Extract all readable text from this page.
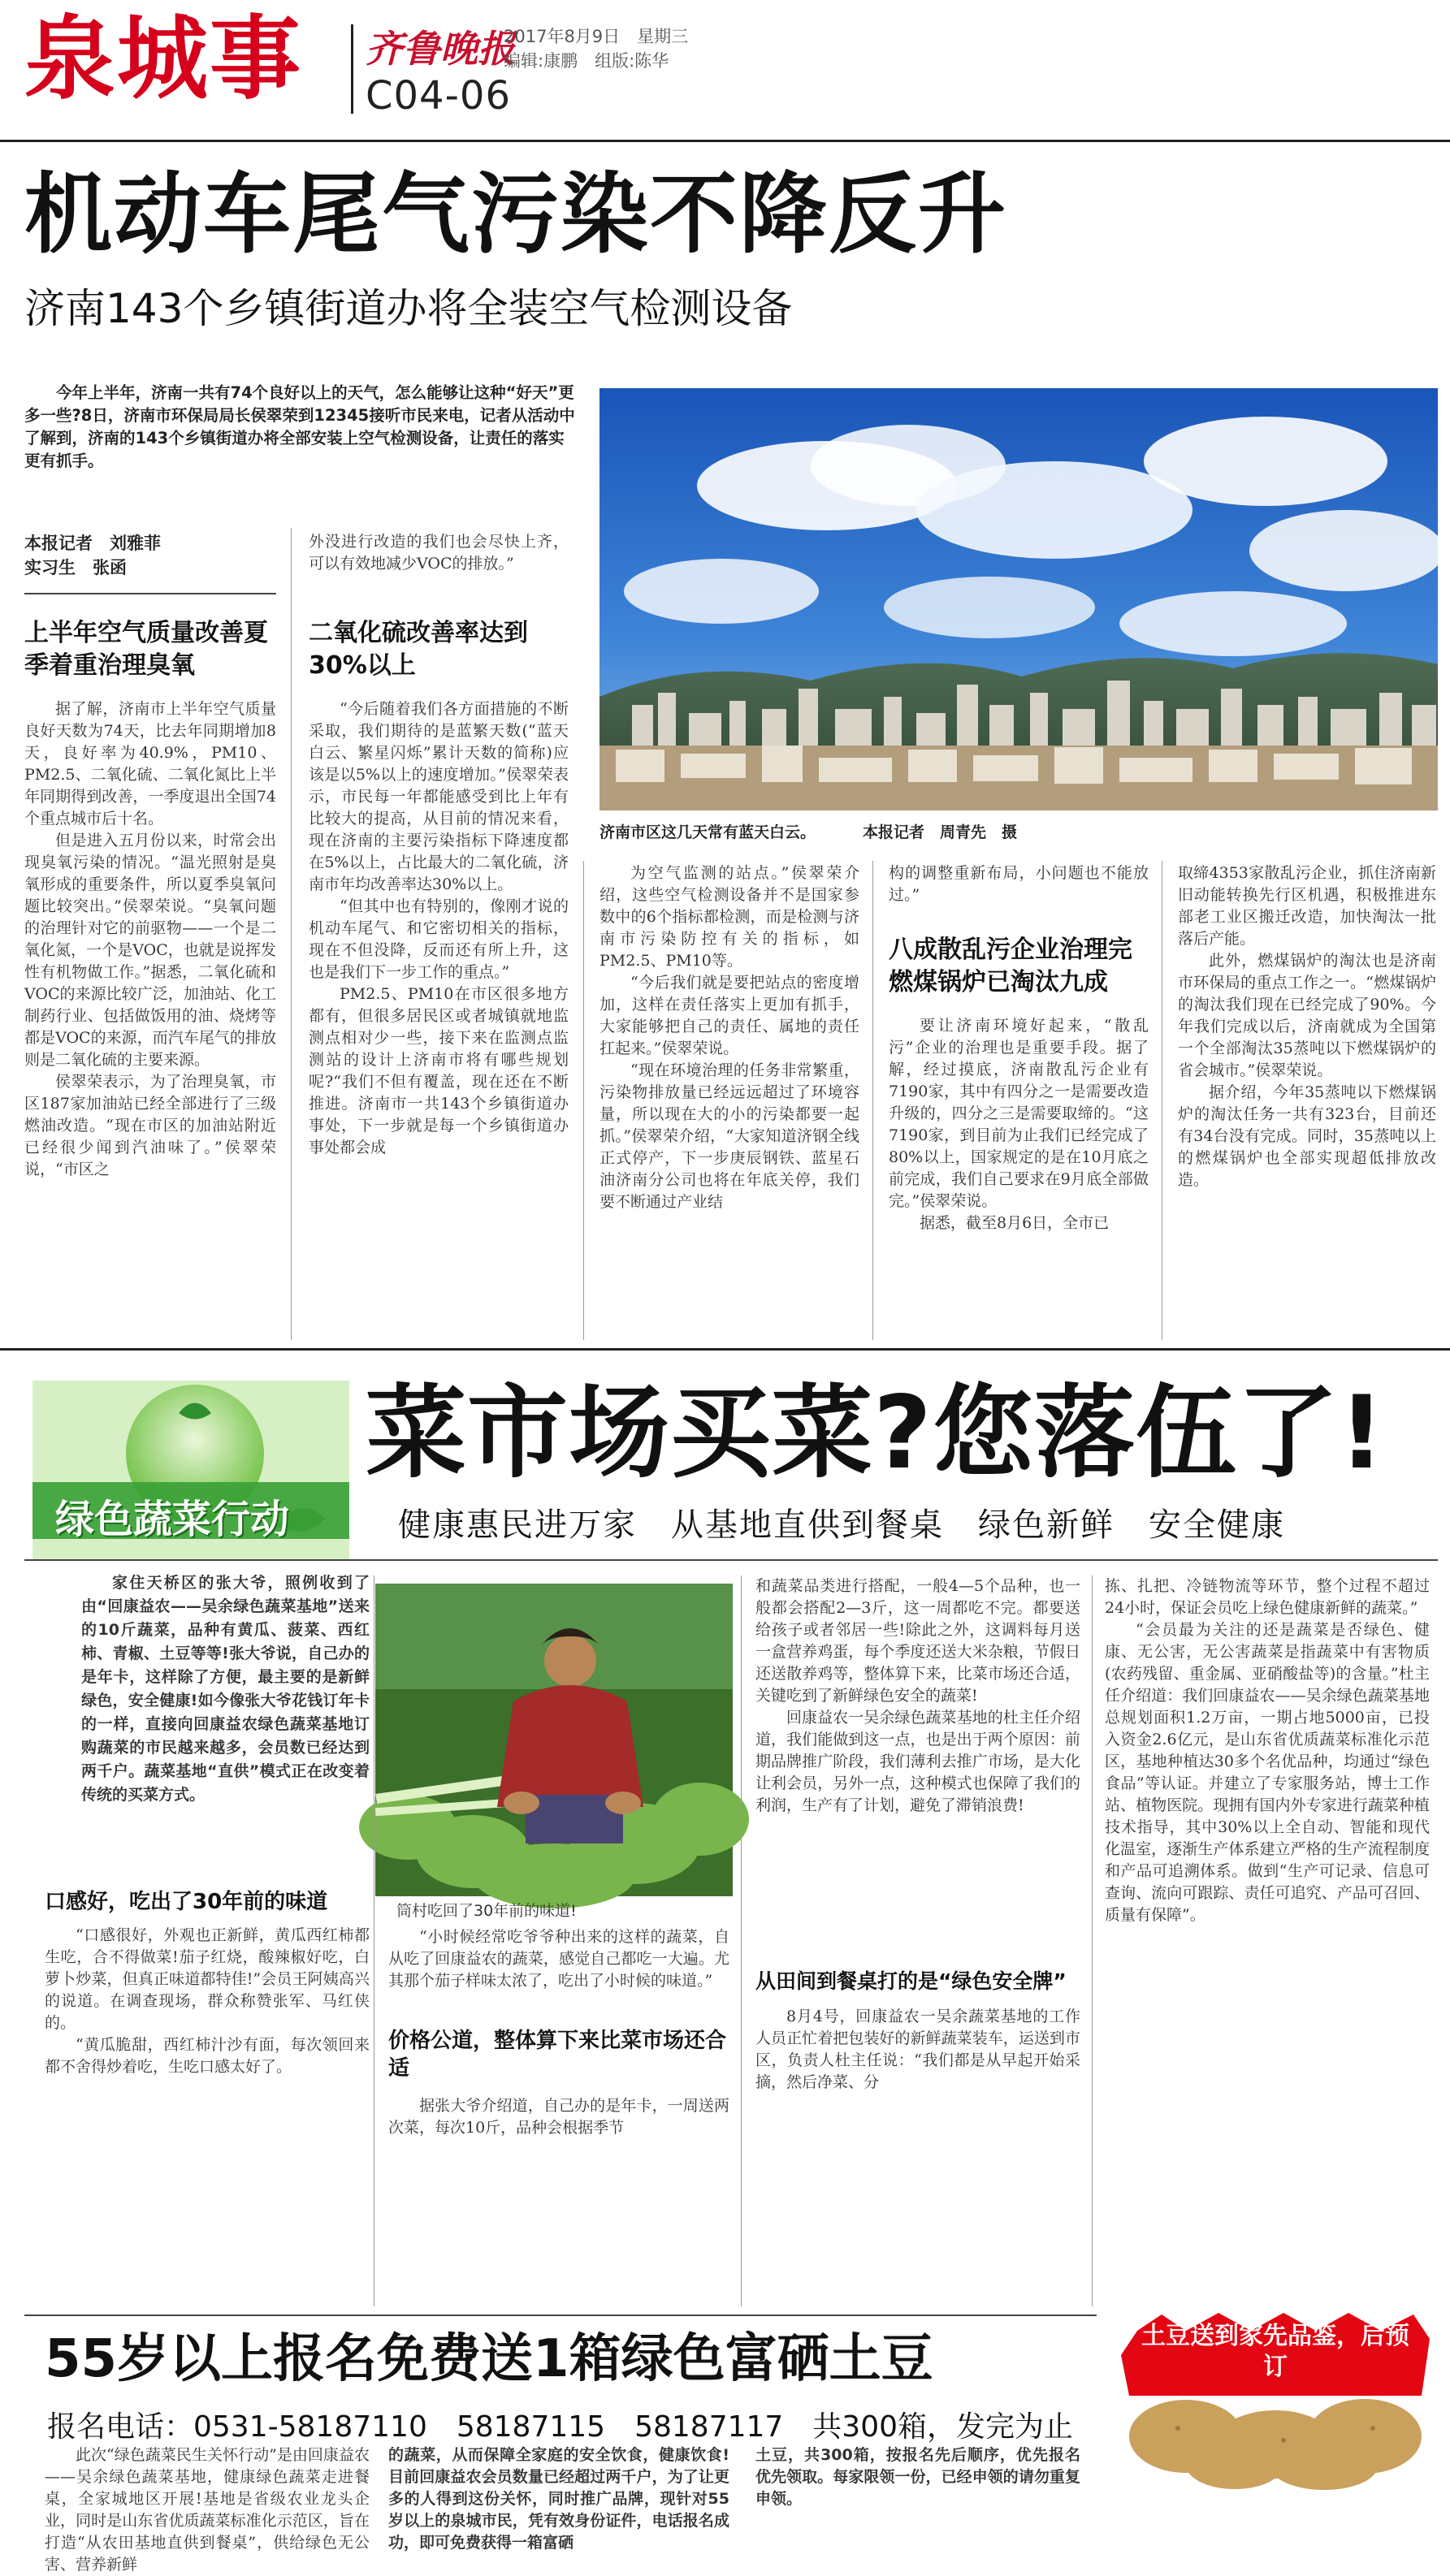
泉城事 齐鲁晚报
2017年8月9日　星期三
编辑:康鹏　组版:陈华
C04-06
机动车尾气污染不降反升
济南143个乡镇街道办将全装空气检测设备
今年上半年，济南一共有74个良好以上的天气，怎么能够让这种“好天”更多一些?8日，济南市环保局局长侯翠荣到12345接听市民来电，记者从活动中了解到，济南的143个乡镇街道办将全部安装上空气检测设备，让责任的落实更有抓手。
济南市区这几天常有蓝天白云。	本报记者　周青先　摄
本报记者　刘雅菲
实习生　张函
上半年空气质量改善夏季着重治理臭氧

据了解，济南市上半年空气质量良好天数为74天，比去年同期增加8天，良好率为40.9%，PM10、PM2.5、二氧化硫、二氧化氮比上半年同期得到改善，一季度退出全国74个重点城市后十名。

但是进入五月份以来，时常会出现臭氧污染的情况。“温光照射是臭氧形成的重要条件，所以夏季臭氧问题比较突出。”侯翠荣说。“臭氧问题的治理针对它的前驱物——一个是二氧化氮，一个是VOC，也就是说挥发性有机物做工作。”据悉，二氧化硫和VOC的来源比较广泛，加油站、化工制药行业、包括做饭用的油、烧烤等都是VOC的来源，而汽车尾气的排放则是二氧化硫的主要来源。

侯翠荣表示，为了治理臭氧，市区187家加油站已经全部进行了三级燃油改造。“现在市区的加油站附近已经很少闻到汽油味了。”侯翠荣说，“市区之

外没进行改造的我们也会尽快上齐，可以有效地减少VOC的排放。”
二氧化硫改善率达到30%以上

“今后随着我们各方面措施的不断采取，我们期待的是蓝繁天数(“蓝天白云、繁星闪烁”累计天数的简称)应该是以5%以上的速度增加。”侯翠荣表示，市民每一年都能感受到比上年有比较大的提高，从目前的情况来看，现在济南的主要污染指标下降速度都在5%以上，占比最大的二氧化硫，济南市年均改善率达30%以上。

“但其中也有特别的，像刚才说的机动车尾气、和它密切相关的指标，现在不但没降，反而还有所上升，这也是我们下一步工作的重点。”

PM2.5、PM10在市区很多地方都有，但很多居民区或者城镇就地监测点相对少一些，接下来在监测点监测站的设计上济南市将有哪些规划呢?“我们不但有覆盖，现在还在不断推进。济南市一共143个乡镇街道办事处，下一步就是每一个乡镇街道办事处都会成

为空气监测的站点。”侯翠荣介绍，这些空气检测设备并不是国家参数中的6个指标都检测，而是检测与济南市污染防控有关的指标，如PM2.5、PM10等。

“今后我们就是要把站点的密度增加，这样在责任落实上更加有抓手，大家能够把自己的责任、属地的责任扛起来。”侯翠荣说。

“现在环境治理的任务非常繁重，污染物排放量已经远远超过了环境容量，所以现在大的小的污染都要一起抓。”侯翠荣介绍，“大家知道济钢全线正式停产，下一步庚辰钢铁、蓝星石油济南分公司也将在年底关停，我们要不断通过产业结

构的调整重新布局，小问题也不能放过。”
八成散乱污企业治理完燃煤锅炉已淘汰九成

要让济南环境好起来，“散乱污”企业的治理也是重要手段。据了解，经过摸底，济南散乱污企业有7190家，其中有四分之一是需要改造升级的，四分之三是需要取缔的。“这7190家，到目前为止我们已经完成了80%以上，国家规定的是在10月底之前完成，我们自己要求在9月底全部做完。”侯翠荣说。

据悉，截至8月6日，全市已

取缔4353家散乱污企业，抓住济南新旧动能转换先行区机遇，积极推进东部老工业区搬迁改造，加快淘汰一批落后产能。

此外，燃煤锅炉的淘汰也是济南市环保局的重点工作之一。“燃煤锅炉的淘汰我们现在已经完成了90%。今年我们完成以后，济南就成为全国第一个全部淘汰35蒸吨以下燃煤锅炉的省会城市。”侯翠荣说。

据介绍，今年35蒸吨以下燃煤锅炉的淘汰任务一共有323台，目前还有34台没有完成。同时，35蒸吨以上的燃煤锅炉也全部实现超低排放改造。

绿色蔬菜行动
菜市场买菜?您落伍了!
健康惠民进万家　从基地直供到餐桌　绿色新鲜　安全健康

家住天桥区的张大爷，照例收到了由“回康益农——吴余绿色蔬菜基地”送来的10斤蔬菜，品种有黄瓜、菠菜、西红柿、青椒、土豆等等!张大爷说，自己办的是年卡，这样除了方便，最主要的是新鲜绿色，安全健康!如今像张大爷花钱订年卡的一样，直接向回康益农绿色蔬菜基地订购蔬菜的市民越来越多，会员数已经达到两千户。蔬菜基地“直供”模式正在改变着传统的买菜方式。

口感好，吃出了30年前的味道

“口感很好，外观也正新鲜，黄瓜西红柿都生吃，合不得做菜!茄子红烧，酸辣椒好吃，白萝卜炒菜，但真正味道都特佳!”会员王阿姨高兴的说道。在调查现场，群众称赞张军、马红侠的。

“黄瓜脆甜，西红柿汁沙有面，每次领回来都不舍得炒着吃，生吃口感太好了。

筒村吃回了30年前的味道!

“小时候经常吃爷爷种出来的这样的蔬菜，自从吃了回康益农的蔬菜，感觉自己都吃一大遍。尤其那个茄子样味太浓了，吃出了小时候的味道。”

价格公道，整体算下来比菜市场还合适

据张大爷介绍道，自己办的是年卡，一周送两次菜，每次10斤，品种会根据季节

和蔬菜品类进行搭配，一般4—5个品种，也一般都会搭配2—3斤，这一周都吃不完。都要送给孩子或者邻居一些!除此之外，这调料每月送一盒营养鸡蛋，每个季度还送大米杂粮，节假日还送散养鸡等，整体算下来，比菜市场还合适，关键吃到了新鲜绿色安全的蔬菜!

回康益农一吴余绿色蔬菜基地的杜主任介绍道，我们能做到这一点，也是出于两个原因：前期品牌推广阶段，我们薄利去推广市场，是大化让利会员，另外一点，这种模式也保障了我们的利润，生产有了计划，避免了滞销浪费!

从田间到餐桌打的是“绿色安全牌”

8月4号，回康益农一吴余蔬菜基地的工作人员正忙着把包装好的新鲜蔬菜装车，运送到市区，负责人杜主任说：“我们都是从早起开始采摘，然后净菜、分

拣、扎把、冷链物流等环节，整个过程不超过24小时，保证会员吃上绿色健康新鲜的蔬菜。”

“会员最为关注的还是蔬菜是否绿色、健康、无公害，无公害蔬菜是指蔬菜中有害物质(农药残留、重金属、亚硝酸盐等)的含量。”杜主任介绍道：我们回康益农——吴余绿色蔬菜基地总规划面积1.2万亩，一期占地5000亩，已投入资金2.6亿元，是山东省优质蔬菜标准化示范区，基地种植达30多个名优品种，均通过“绿色食品”等认证。并建立了专家服务站，博士工作站、植物医院。现拥有国内外专家进行蔬菜种植技术指导，其中30%以上全自动、智能和现代化温室，逐渐生产体系建立严格的生产流程制度和产品可追溯体系。做到“生产可记录、信息可查询、流向可跟踪、责任可追究、产品可召回、质量有保障”。

55岁以上报名免费送1箱绿色富硒土豆
报名电话：0531-58187110　58187115　58187117　共300箱，发完为止
土豆送到家先品鉴，后预订

此次“绿色蔬菜民生关怀行动”是由回康益农——吴余绿色蔬菜基地，健康绿色蔬菜走进餐桌，全家城地区开展!基地是省级农业龙头企业，同时是山东省优质蔬菜标准化示范区，旨在打造“从农田基地直供到餐桌”，供给绿色无公害、营养新鲜

的蔬菜，从而保障全家庭的安全饮食，健康饮食!目前回康益农会员数量已经超过两千户，为了让更多的人得到这份关怀，同时推广品牌，现针对55岁以上的泉城市民，凭有效身份证件，电话报名成功，即可免费获得一箱富硒

土豆，共300箱，按报名先后顺序，优先报名优先领取。每家限领一份，已经申领的请勿重复申领。
